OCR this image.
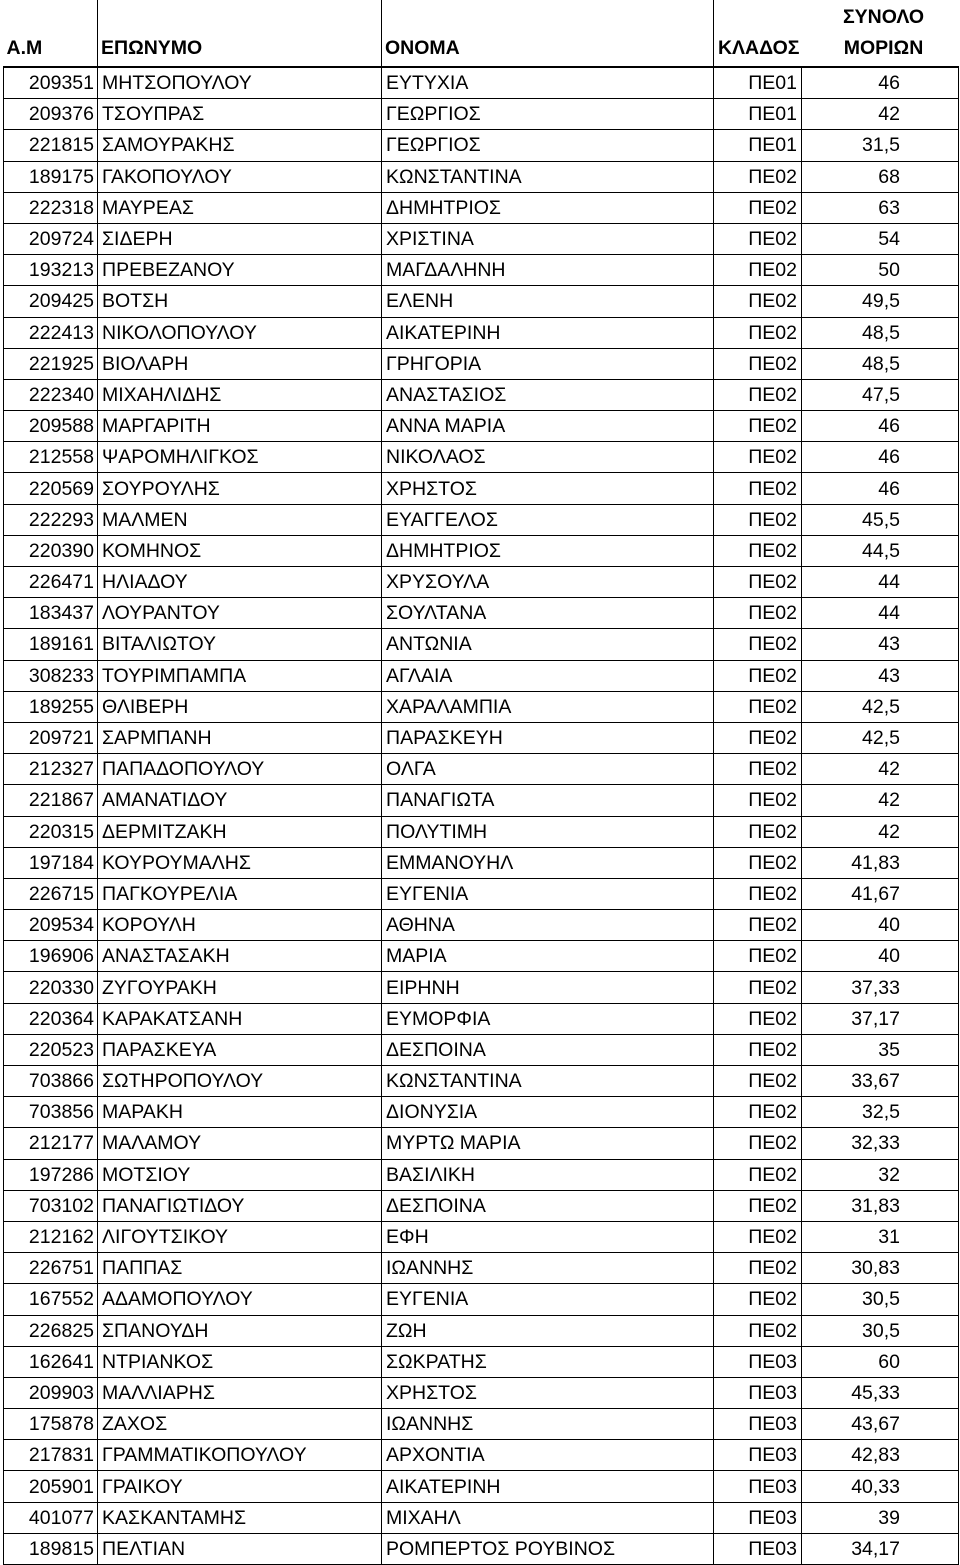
Α.Μ	ΕΠΩΝΥΜΟ	ΟΝΟΜΑ	ΚΛΑΔΟΣ	ΣΥΝΟΛΟ
ΜΟΡΙΩΝ
209351	ΜΗΤΣΟΠΟΥΛΟΥ	ΕΥΤΥΧΙΑ	ΠΕ01	46
209376	ΤΣΟΥΠΡΑΣ	ΓΕΩΡΓΙΟΣ	ΠΕ01	42
221815	ΣΑΜΟΥΡΑΚΗΣ	ΓΕΩΡΓΙΟΣ	ΠΕ01	31,5
189175	ΓΑΚΟΠΟΥΛΟΥ	ΚΩΝΣΤΑΝΤΙΝΑ	ΠΕ02	68
222318	ΜΑΥΡΕΑΣ	ΔΗΜΗΤΡΙΟΣ	ΠΕ02	63
209724	ΣΙΔΕΡΗ	ΧΡΙΣΤΙΝΑ	ΠΕ02	54
193213	ΠΡΕΒΕΖΑΝΟΥ	ΜΑΓΔΑΛΗΝΗ	ΠΕ02	50
209425	ΒΟΤΣΗ	ΕΛΕΝΗ	ΠΕ02	49,5
222413	ΝΙΚΟΛΟΠΟΥΛΟΥ	ΑΙΚΑΤΕΡΙΝΗ	ΠΕ02	48,5
221925	ΒΙΟΛΑΡΗ	ΓΡΗΓΟΡΙΑ	ΠΕ02	48,5
222340	ΜΙΧΑΗΛΙΔΗΣ	ΑΝΑΣΤΑΣΙΟΣ	ΠΕ02	47,5
209588	ΜΑΡΓΑΡΙΤΗ	ΑΝΝΑ ΜΑΡΙΑ	ΠΕ02	46
212558	ΨΑΡΟΜΗΛΙΓΚΟΣ	ΝΙΚΟΛΑΟΣ	ΠΕ02	46
220569	ΣΟΥΡΟΥΛΗΣ	ΧΡΗΣΤΟΣ	ΠΕ02	46
222293	ΜΑΛΜΕΝ	ΕΥΑΓΓΕΛΟΣ	ΠΕ02	45,5
220390	ΚΟΜΗΝΟΣ	ΔΗΜΗΤΡΙΟΣ	ΠΕ02	44,5
226471	ΗΛΙΑΔΟΥ	ΧΡΥΣΟΥΛΑ	ΠΕ02	44
183437	ΛΟΥΡΑΝΤΟΥ	ΣΟΥΛΤΑΝΑ	ΠΕ02	44
189161	ΒΙΤΑΛΙΩΤΟΥ	ΑΝΤΩΝΙΑ	ΠΕ02	43
308233	ΤΟΥΡΙΜΠΑΜΠΑ	ΑΓΛΑΙΑ	ΠΕ02	43
189255	ΘΛΙΒΕΡΗ	ΧΑΡΑΛΑΜΠΙΑ	ΠΕ02	42,5
209721	ΣΑΡΜΠΑΝΗ	ΠΑΡΑΣΚΕΥΗ	ΠΕ02	42,5
212327	ΠΑΠΑΔΟΠΟΥΛΟΥ	ΟΛΓΑ	ΠΕ02	42
221867	ΑΜΑΝΑΤΙΔΟΥ	ΠΑΝΑΓΙΩΤΑ	ΠΕ02	42
220315	ΔΕΡΜΙΤΖΑΚΗ	ΠΟΛΥΤΙΜΗ	ΠΕ02	42
197184	ΚΟΥΡΟΥΜΑΛΗΣ	ΕΜΜΑΝΟΥΗΛ	ΠΕ02	41,83
226715	ΠΑΓΚΟΥΡΕΛΙΑ	ΕΥΓΕΝΙΑ	ΠΕ02	41,67
209534	ΚΟΡΟΥΛΗ	ΑΘΗΝΑ	ΠΕ02	40
196906	ΑΝΑΣΤΑΣΑΚΗ	ΜΑΡΙΑ	ΠΕ02	40
220330	ΖΥΓΟΥΡΑΚΗ	ΕΙΡΗΝΗ	ΠΕ02	37,33
220364	ΚΑΡΑΚΑΤΣΑΝΗ	ΕΥΜΟΡΦΙΑ	ΠΕ02	37,17
220523	ΠΑΡΑΣΚΕΥΑ	ΔΕΣΠΟΙΝΑ	ΠΕ02	35
703866	ΣΩΤΗΡΟΠΟΥΛΟΥ	ΚΩΝΣΤΑΝΤΙΝΑ	ΠΕ02	33,67
703856	ΜΑΡΑΚΗ	ΔΙΟΝΥΣΙΑ	ΠΕ02	32,5
212177	ΜΑΛΑΜΟΥ	ΜΥΡΤΩ ΜΑΡΙΑ	ΠΕ02	32,33
197286	ΜΟΤΣΙΟΥ	ΒΑΣΙΛΙΚΗ	ΠΕ02	32
703102	ΠΑΝΑΓΙΩΤΙΔΟΥ	ΔΕΣΠΟΙΝΑ	ΠΕ02	31,83
212162	ΛΙΓΟΥΤΣΙΚΟΥ	ΕΦΗ	ΠΕ02	31
226751	ΠΑΠΠΑΣ	ΙΩΑΝΝΗΣ	ΠΕ02	30,83
167552	ΑΔΑΜΟΠΟΥΛΟΥ	ΕΥΓΕΝΙΑ	ΠΕ02	30,5
226825	ΣΠΑΝΟΥΔΗ	ΖΩΗ	ΠΕ02	30,5
162641	ΝΤΡΙΑΝΚΟΣ	ΣΩΚΡΑΤΗΣ	ΠΕ03	60
209903	ΜΑΛΛΙΑΡΗΣ	ΧΡΗΣΤΟΣ	ΠΕ03	45,33
175878	ΖΑΧΟΣ	ΙΩΑΝΝΗΣ	ΠΕ03	43,67
217831	ΓΡΑΜΜΑΤΙΚΟΠΟΥΛΟΥ	ΑΡΧΟΝΤΙΑ	ΠΕ03	42,83
205901	ΓΡΑΙΚΟΥ	ΑΙΚΑΤΕΡΙΝΗ	ΠΕ03	40,33
401077	ΚΑΣΚΑΝΤΑΜΗΣ	ΜΙΧΑΗΛ	ΠΕ03	39
189815	ΠΕΛΤΙΑΝ	ΡΟΜΠΕΡΤΟΣ ΡΟΥΒΙΝΟΣ	ΠΕ03	34,17
